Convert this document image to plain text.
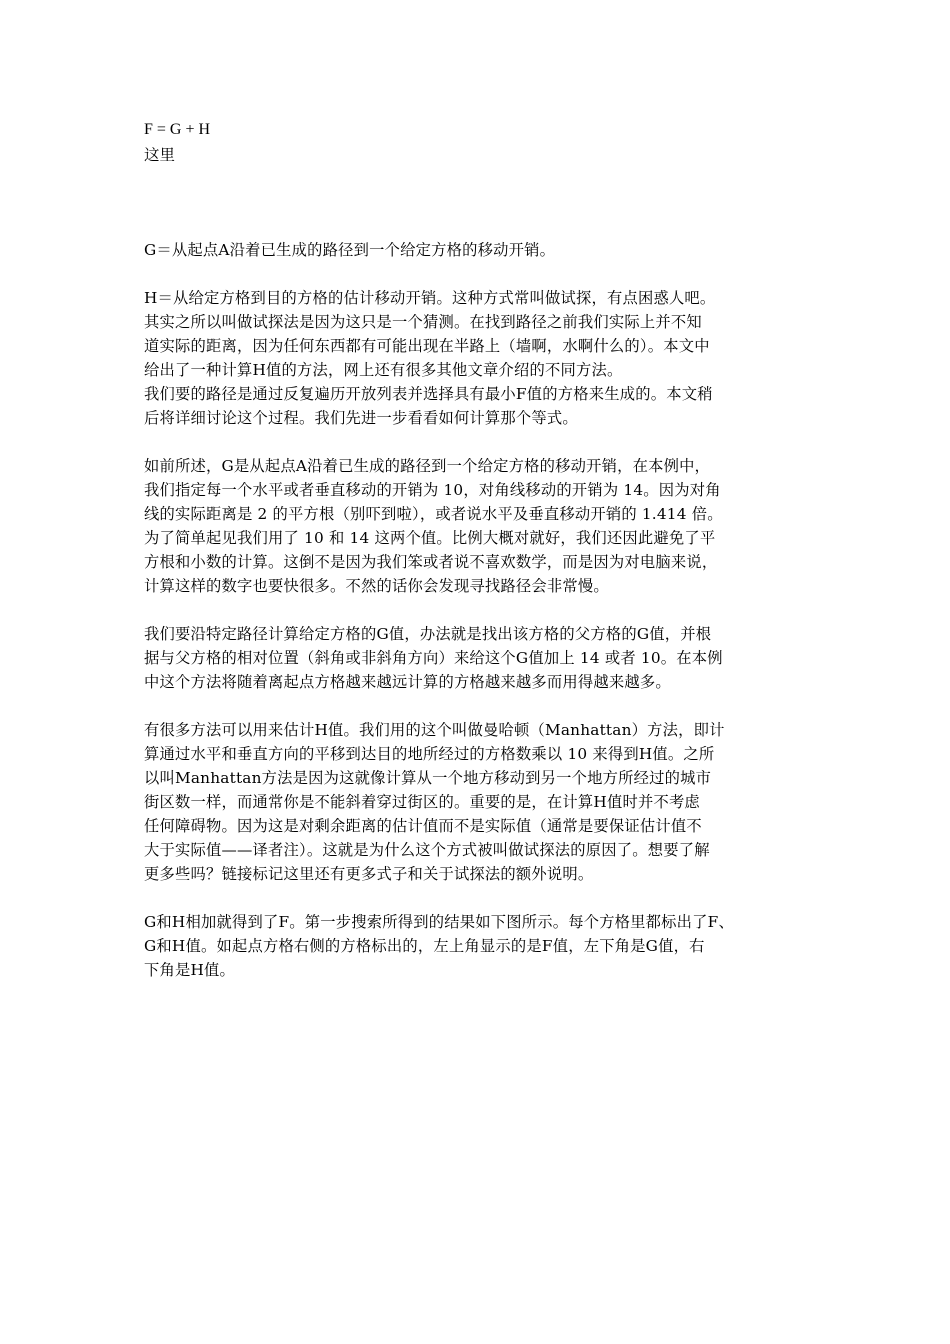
F = G + H
这里

G＝从起点A沿着已生成的路径到一个给定方格的移动开销。

H＝从给定方格到目的方格的估计移动开销。这种方式常叫做试探，有点困惑人吧。
其实之所以叫做试探法是因为这只是一个猜测。在找到路径之前我们实际上并不知
道实际的距离，因为任何东西都有可能出现在半路上（墙啊，水啊什么的）。本文中
给出了一种计算H值的方法，网上还有很多其他文章介绍的不同方法。
我们要的路径是通过反复遍历开放列表并选择具有最小F值的方格来生成的。本文稍
后将详细讨论这个过程。我们先进一步看看如何计算那个等式。

如前所述，G是从起点A沿着已生成的路径到一个给定方格的移动开销，在本例中，
我们指定每一个水平或者垂直移动的开销为 10，对角线移动的开销为 14。因为对角
线的实际距离是 2 的平方根（别吓到啦），或者说水平及垂直移动开销的 1.414 倍。
为了简单起见我们用了 10 和 14 这两个值。比例大概对就好，我们还因此避免了平
方根和小数的计算。这倒不是因为我们笨或者说不喜欢数学，而是因为对电脑来说，
计算这样的数字也要快很多。不然的话你会发现寻找路径会非常慢。

我们要沿特定路径计算给定方格的G值，办法就是找出该方格的父方格的G值，并根
据与父方格的相对位置（斜角或非斜角方向）来给这个G值加上 14 或者 10。在本例
中这个方法将随着离起点方格越来越远计算的方格越来越多而用得越来越多。

有很多方法可以用来估计H值。我们用的这个叫做曼哈顿（Manhattan）方法，即计
算通过水平和垂直方向的平移到达目的地所经过的方格数乘以 10 来得到H值。之所
以叫Manhattan方法是因为这就像计算从一个地方移动到另一个地方所经过的城市
街区数一样，而通常你是不能斜着穿过街区的。重要的是，在计算H值时并不考虑
任何障碍物。因为这是对剩余距离的估计值而不是实际值（通常是要保证估计值不
大于实际值——译者注）。这就是为什么这个方式被叫做试探法的原因了。想要了解
更多些吗？链接标记这里还有更多式子和关于试探法的额外说明。

G和H相加就得到了F。第一步搜索所得到的结果如下图所示。每个方格里都标出了F、
G和H值。如起点方格右侧的方格标出的，左上角显示的是F值，左下角是G值，右
下角是H值。
